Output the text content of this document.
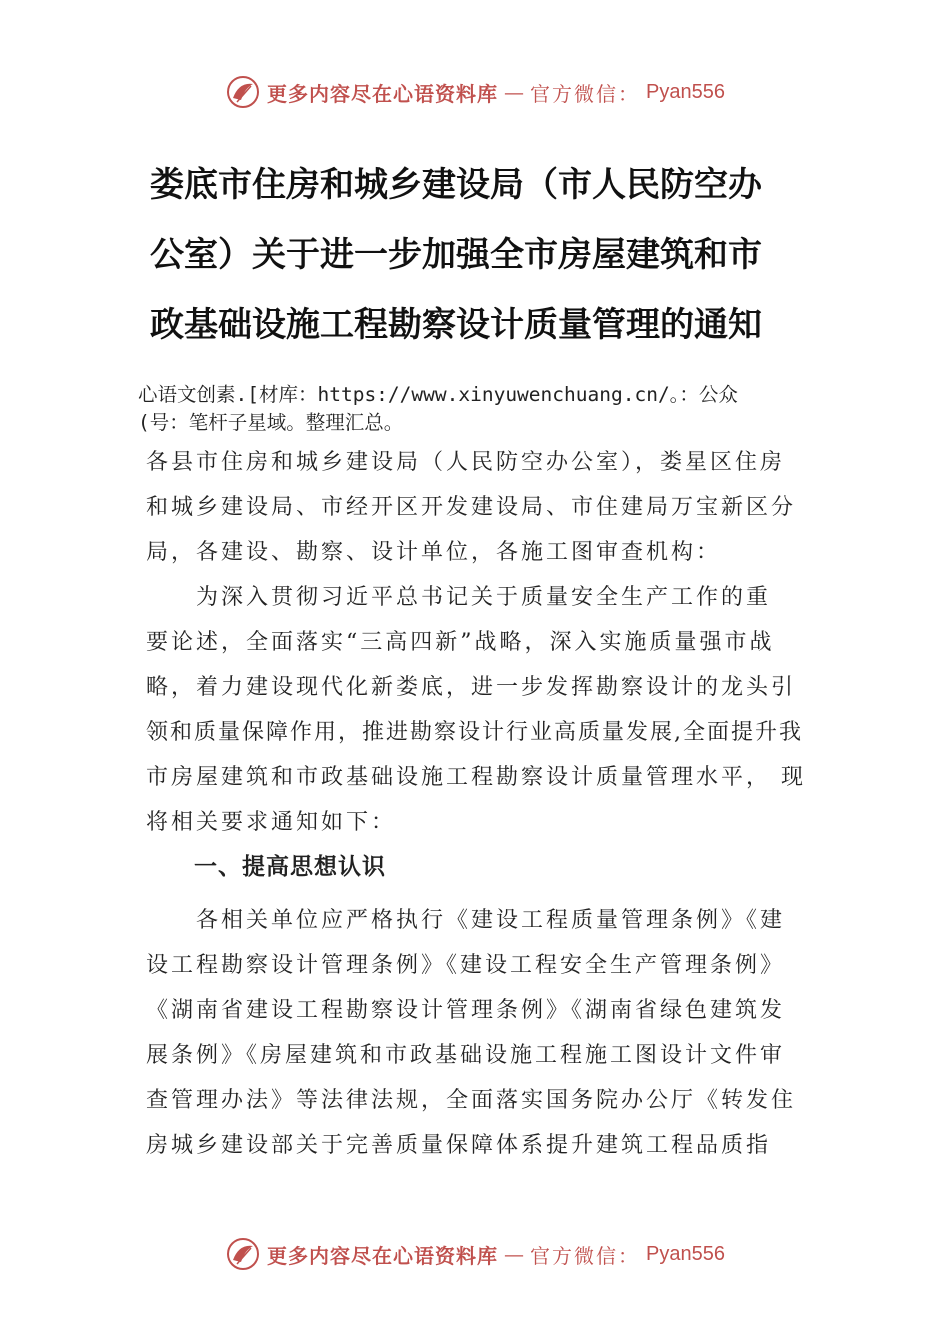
更多内容尽在心语资料库 — 官方微信： Pyan556
娄底市住房和城乡建设局（市人民防空办
公室）关于进一步加强全市房屋建筑和市
政基础设施工程勘察设计质量管理的通知
心语文创素.[材库：https://www.xinyuwenchuang.cn/。：公众
(号：笔杆子星域。整理汇总。
各县市住房和城乡建设局（人民防空办公室），娄星区住房
和城乡建设局、市经开区开发建设局、市住建局万宝新区分
局，各建设、勘察、设计单位，各施工图审查机构：
　　为深入贯彻习近平总书记关于质量安全生产工作的重
要论述，全面落实“三高四新”战略，深入实施质量强市战
略，着力建设现代化新娄底，进一步发挥勘察设计的龙头引
领和质量保障作用，推进勘察设计行业高质量发展,全面提升我
市房屋建筑和市政基础设施工程勘察设计质量管理水平， 现
将相关要求通知如下：
　　一、提高思想认识
　　各相关单位应严格执行《建设工程质量管理条例》《建
设工程勘察设计管理条例》《建设工程安全生产管理条例》
《湖南省建设工程勘察设计管理条例》《湖南省绿色建筑发
展条例》《房屋建筑和市政基础设施工程施工图设计文件审
查管理办法》等法律法规，全面落实国务院办公厅《转发住
房城乡建设部关于完善质量保障体系提升建筑工程品质指
更多内容尽在心语资料库 — 官方微信： Pyan556
